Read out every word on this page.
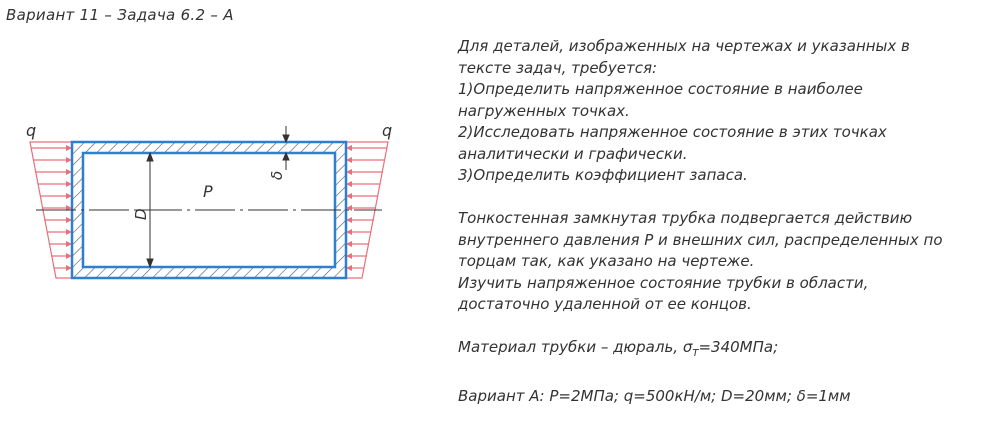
Вариант 11 – Задача 6.2 – А
q	q
P
D
δ
Для деталей, изображенных на чертежах и указанных в
тексте задач, требуется:
1)Определить напряженное состояние в наиболее
нагруженных точках.
2)Исследовать напряженное состояние в этих точках
аналитически и графически.
3)Определить коэффициент запаса.
Тонкостенная замкнутая трубка подвергается действию
внутреннего давления P и внешних сил, распределенных по
торцам так, как указано на чертеже.
Изучить напряженное состояние трубки в области,
достаточно удаленной от ее концов.
Материал трубки – дюраль, $\sigma_Т=340МПа$;
Вариант А: P=2МПа; q=500кН/м; D=20мм; δ=1мм
